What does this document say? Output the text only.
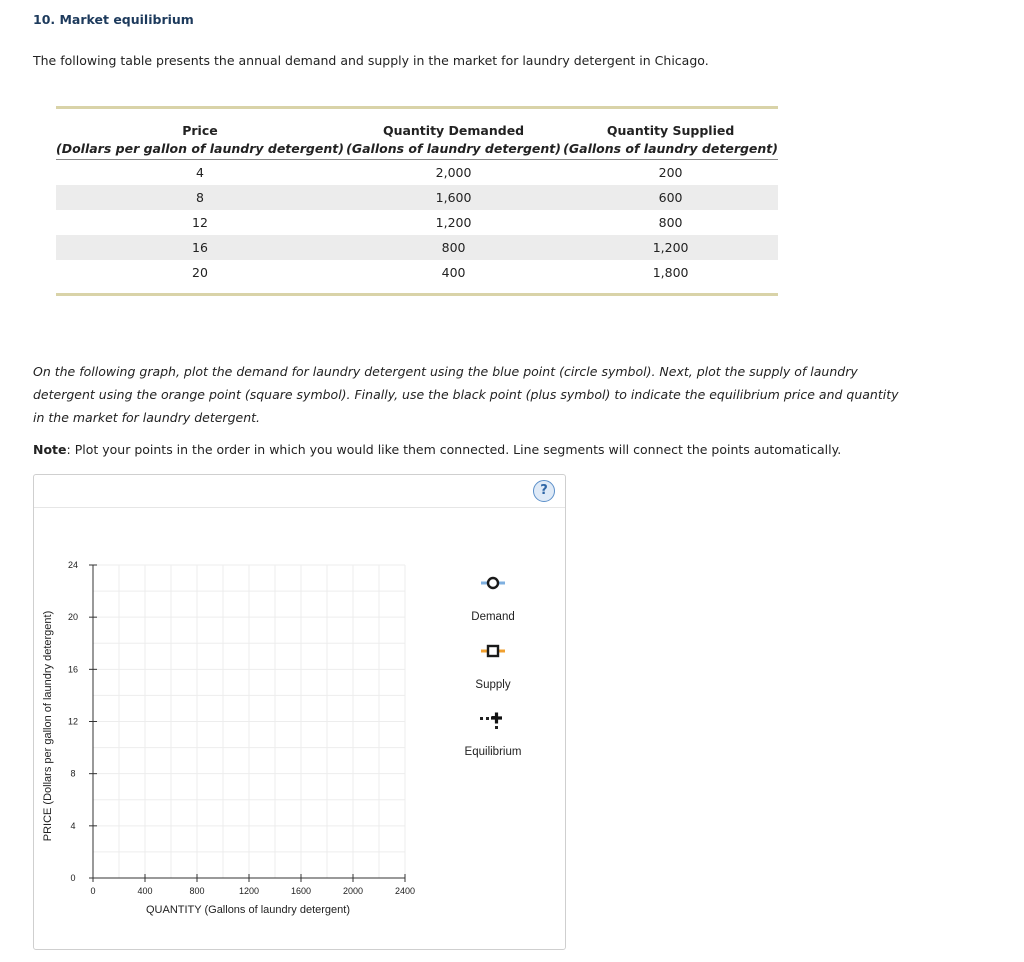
10. Market equilibrium
The following table presents the annual demand and supply in the market for laundry detergent in Chicago.
Price	Quantity Demanded	Quantity Supplied
(Dollars per gallon of laundry detergent)	(Gallons of laundry detergent)	(Gallons of laundry detergent)
4	2,000	200
8	1,600	600
12	1,200	800
16	800	1,200
20	400	1,800
On the following graph, plot the demand for laundry detergent using the blue point (circle symbol). Next, plot the supply of laundry detergent using the orange point (square symbol). Finally, use the black point (plus symbol) to indicate the equilibrium price and quantity in the market for laundry detergent.
Note: Plot your points in the order in which you would like them connected. Line segments will connect the points automatically.
?
0
4
8
12
16
20
24
0	400	800	1200	1600	2000	2400
PRICE (Dollars per gallon of laundry detergent)
QUANTITY (Gallons of laundry detergent)
Demand
Supply
Equilibrium
